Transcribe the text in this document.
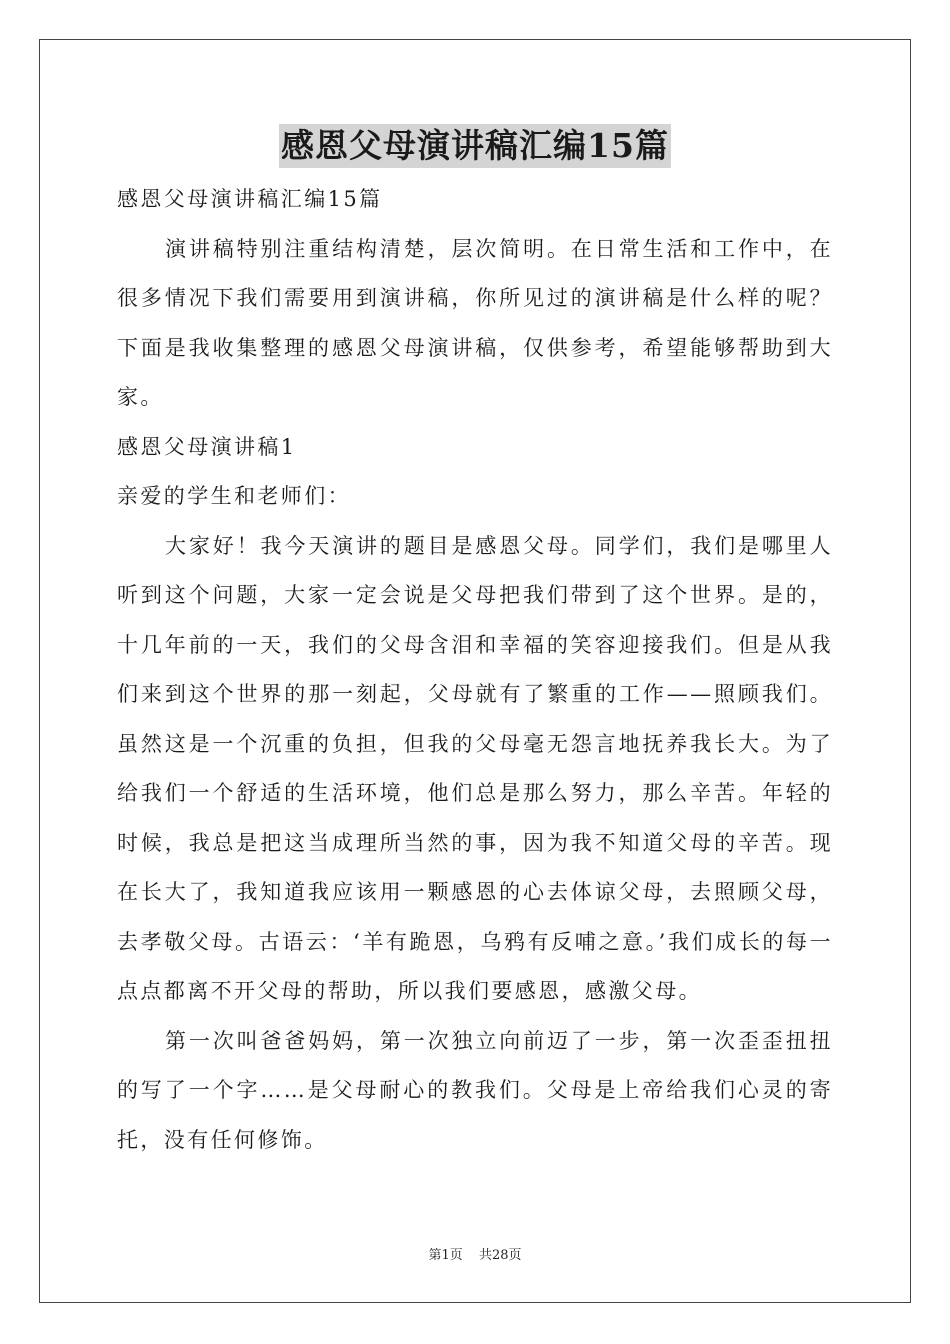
感恩父母演讲稿汇编15篇

感恩父母演讲稿汇编15篇

演讲稿特别注重结构清楚，层次简明。在日常生活和工作中，在很多情况下我们需要用到演讲稿，你所见过的演讲稿是什么样的呢？下面是我收集整理的感恩父母演讲稿，仅供参考，希望能够帮助到大家。

感恩父母演讲稿1

亲爱的学生和老师们：

大家好！我今天演讲的题目是感恩父母。同学们，我们是哪里人听到这个问题，大家一定会说是父母把我们带到了这个世界。是的，十几年前的一天，我们的父母含泪和幸福的笑容迎接我们。但是从我们来到这个世界的那一刻起，父母就有了繁重的工作——照顾我们。虽然这是一个沉重的负担，但我的父母毫无怨言地抚养我长大。为了给我们一个舒适的生活环境，他们总是那么努力，那么辛苦。年轻的时候，我总是把这当成理所当然的事，因为我不知道父母的辛苦。现在长大了，我知道我应该用一颗感恩的心去体谅父母，去照顾父母，去孝敬父母。古语云：‘羊有跪恩，乌鸦有反哺之意。’我们成长的每一点点都离不开父母的帮助，所以我们要感恩，感激父母。

第一次叫爸爸妈妈，第一次独立向前迈了一步，第一次歪歪扭扭的写了一个字……是父母耐心的教我们。父母是上帝给我们心灵的寄托，没有任何修饰。

第1页 共28页
